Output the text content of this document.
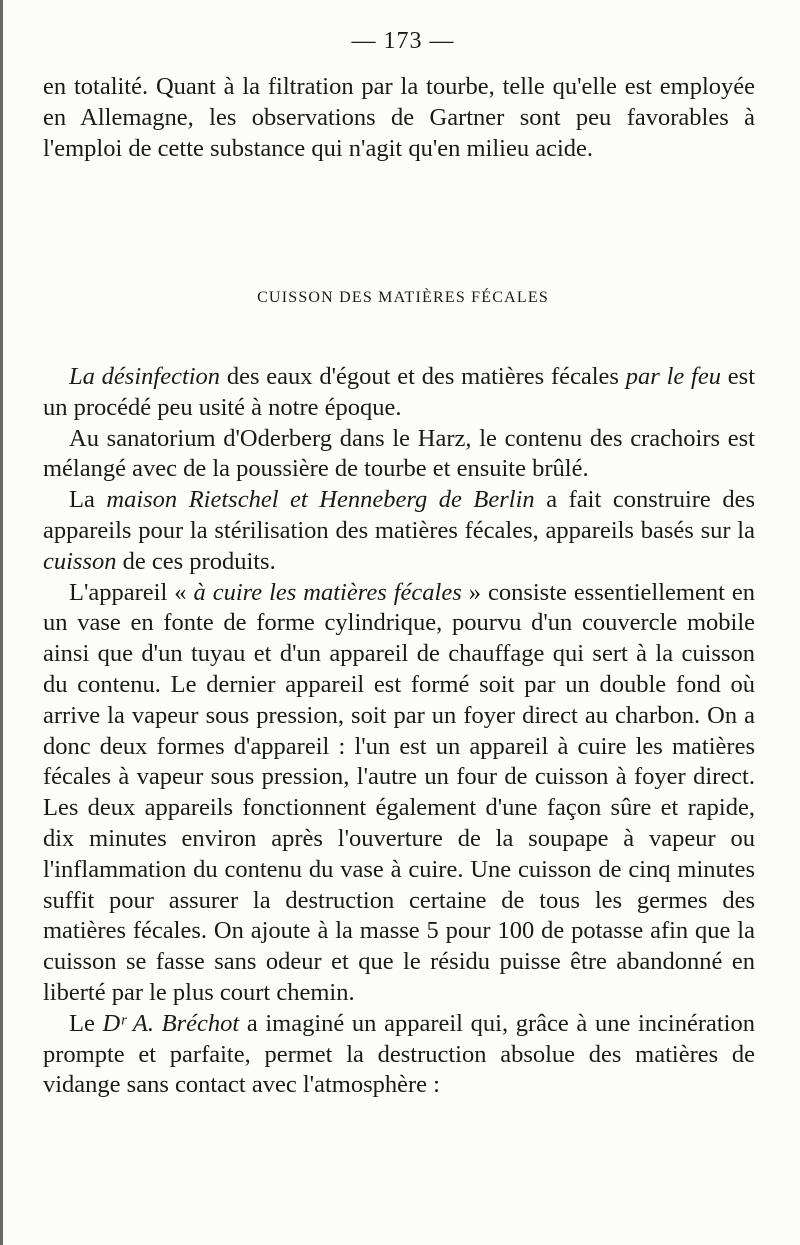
— 173 —

en totalité. Quant à la filtration par la tourbe, telle qu'elle est employée en Allemagne, les observations de Gartner sont peu favorables à l'emploi de cette substance qui n'agit qu'en milieu acide.

CUISSON DES MATIÈRES FÉCALES

La désinfection des eaux d'égout et des matières fécales par le feu est un procédé peu usité à notre époque.

Au sanatorium d'Oderberg dans le Harz, le contenu des crachoirs est mélangé avec de la poussière de tourbe et ensuite brûlé.

La maison Rietschel et Henneberg de Berlin a fait construire des appareils pour la stérilisation des matières fécales, appareils basés sur la cuisson de ces produits.

L'appareil « à cuire les matières fécales » consiste essentiellement en un vase en fonte de forme cylindrique, pourvu d'un couvercle mobile ainsi que d'un tuyau et d'un appareil de chauffage qui sert à la cuisson du contenu. Le dernier appareil est formé soit par un double fond où arrive la vapeur sous pression, soit par un foyer direct au charbon. On a donc deux formes d'appareil : l'un est un appareil à cuire les matières fécales à vapeur sous pression, l'autre un four de cuisson à foyer direct. Les deux appareils fonctionnent également d'une façon sûre et rapide, dix minutes environ après l'ouverture de la soupape à vapeur ou l'inflammation du contenu du vase à cuire. Une cuisson de cinq minutes suffit pour assurer la destruction certaine de tous les germes des matières fécales. On ajoute à la masse 5 pour 100 de potasse afin que la cuisson se fasse sans odeur et que le résidu puisse être abandonné en liberté par le plus court chemin.

Le Dʳ A. Bréchot a imaginé un appareil qui, grâce à une incinération prompte et parfaite, permet la destruction absolue des matières de vidange sans contact avec l'atmosphère :
